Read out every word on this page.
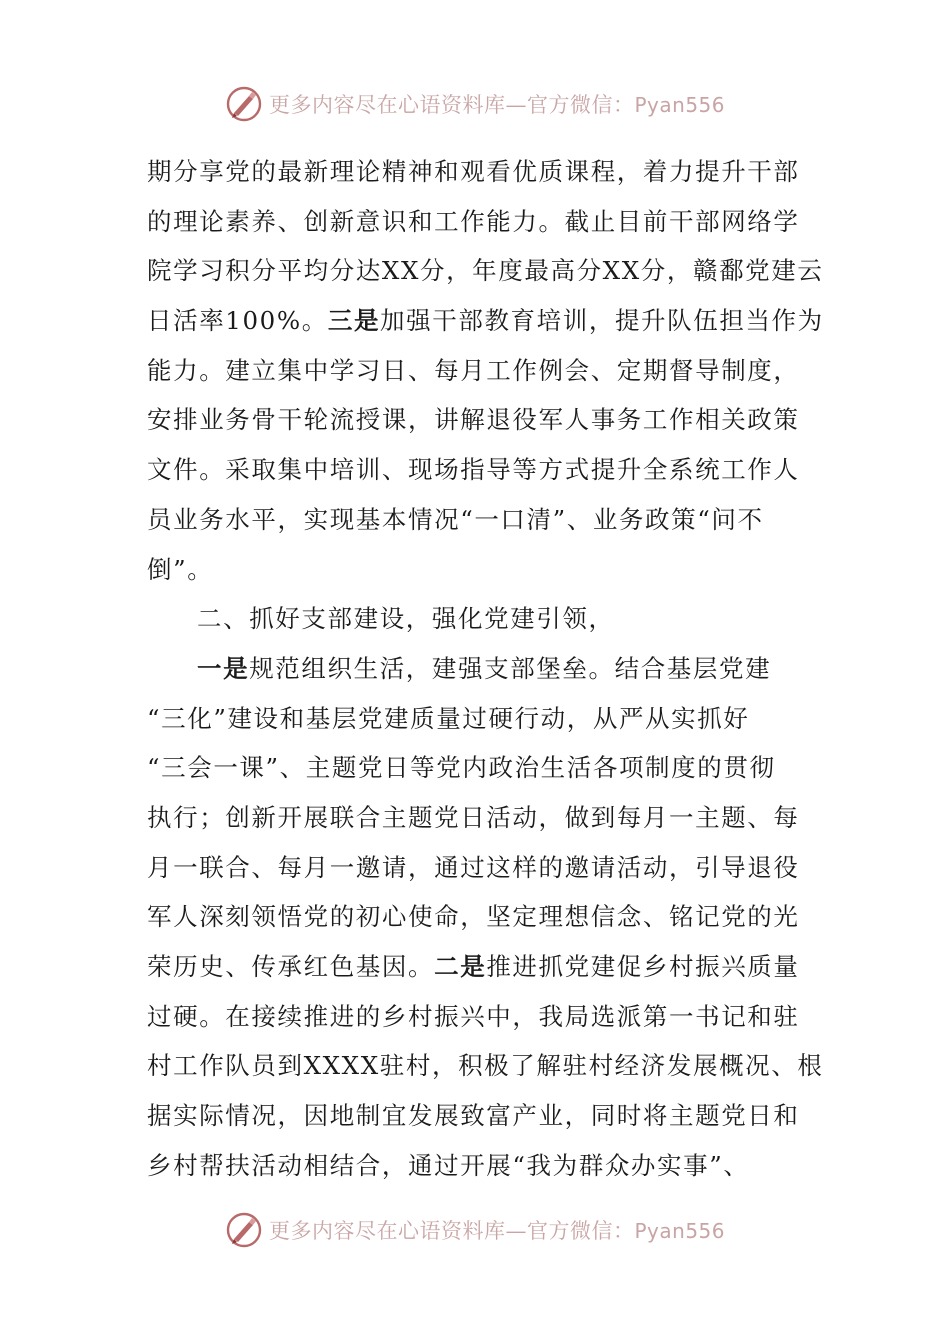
更多内容尽在心语资料库—官方微信：Pyan556
期分享党的最新理论精神和观看优质课程，着力提升干部
的理论素养、创新意识和工作能力。截止目前干部网络学
院学习积分平均分达XX分，年度最高分XX分，赣鄱党建云
日活率100%。三是加强干部教育培训，提升队伍担当作为
能力。建立集中学习日、每月工作例会、定期督导制度，
安排业务骨干轮流授课，讲解退役军人事务工作相关政策
文件。采取集中培训、现场指导等方式提升全系统工作人
员业务水平，实现基本情况“一口清”、业务政策“问不
倒”。
二、抓好支部建设，强化党建引领，
一是规范组织生活，建强支部堡垒。结合基层党建
“三化”建设和基层党建质量过硬行动，从严从实抓好
“三会一课”、主题党日等党内政治生活各项制度的贯彻
执行；创新开展联合主题党日活动，做到每月一主题、每
月一联合、每月一邀请，通过这样的邀请活动，引导退役
军人深刻领悟党的初心使命，坚定理想信念、铭记党的光
荣历史、传承红色基因。二是推进抓党建促乡村振兴质量
过硬。在接续推进的乡村振兴中，我局选派第一书记和驻
村工作队员到XXXX驻村，积极了解驻村经济发展概况、根
据实际情况，因地制宜发展致富产业，同时将主题党日和
乡村帮扶活动相结合，通过开展“我为群众办实事”、
更多内容尽在心语资料库—官方微信：Pyan556
